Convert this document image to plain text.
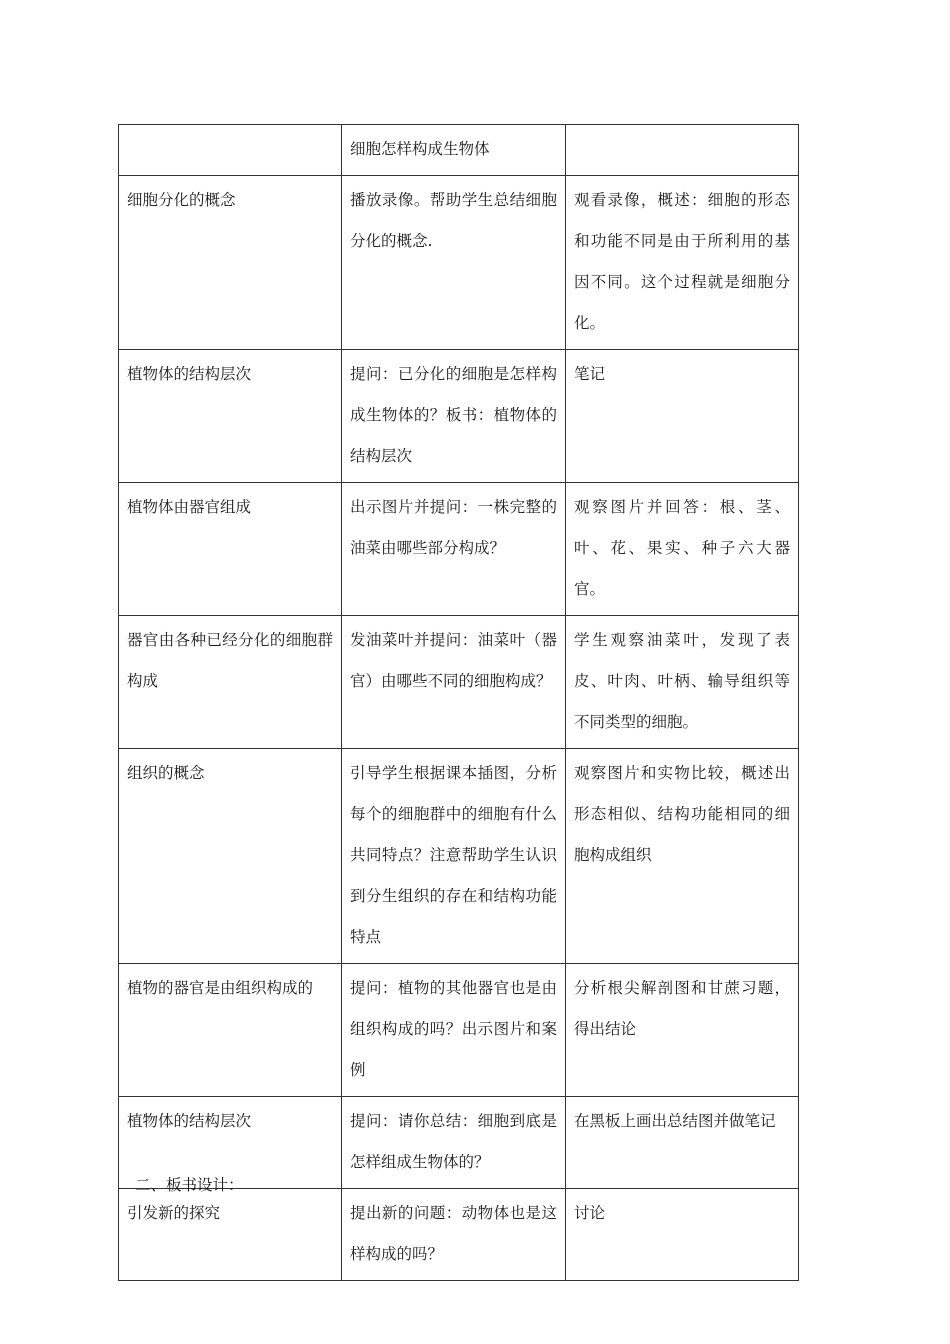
	细胞怎样构成生物体	
细胞分化的概念	播放录像。帮助学生总结细胞分化的概念.	观看录像，概述：细胞的形态和功能不同是由于所利用的基因不同。这个过程就是细胞分化。
植物体的结构层次	提问：已分化的细胞是怎样构成生物体的？板书：植物体的结构层次	笔记
植物体由器官组成	出示图片并提问：一株完整的油菜由哪些部分构成？	观察图片并回答：根、茎、叶、花、果实、种子六大器官。
器官由各种已经分化的细胞群构成	发油菜叶并提问：油菜叶（器官）由哪些不同的细胞构成？	学生观察油菜叶，发现了表皮、叶肉、叶柄、输导组织等不同类型的细胞。
组织的概念	引导学生根据课本插图，分析每个的细胞群中的细胞有什么共同特点？注意帮助学生认识到分生组织的存在和结构功能特点	观察图片和实物比较，概述出形态相似、结构功能相同的细胞构成组织
植物的器官是由组织构成的	提问：植物的其他器官也是由组织构成的吗？出示图片和案例	分析根尖解剖图和甘蔗习题，得出结论
植物体的结构层次	提问：请你总结：细胞到底是怎样组成生物体的？	在黑板上画出总结图并做笔记
引发新的探究	提出新的问题：动物体也是这样构成的吗？	讨论
二、板书设计：
